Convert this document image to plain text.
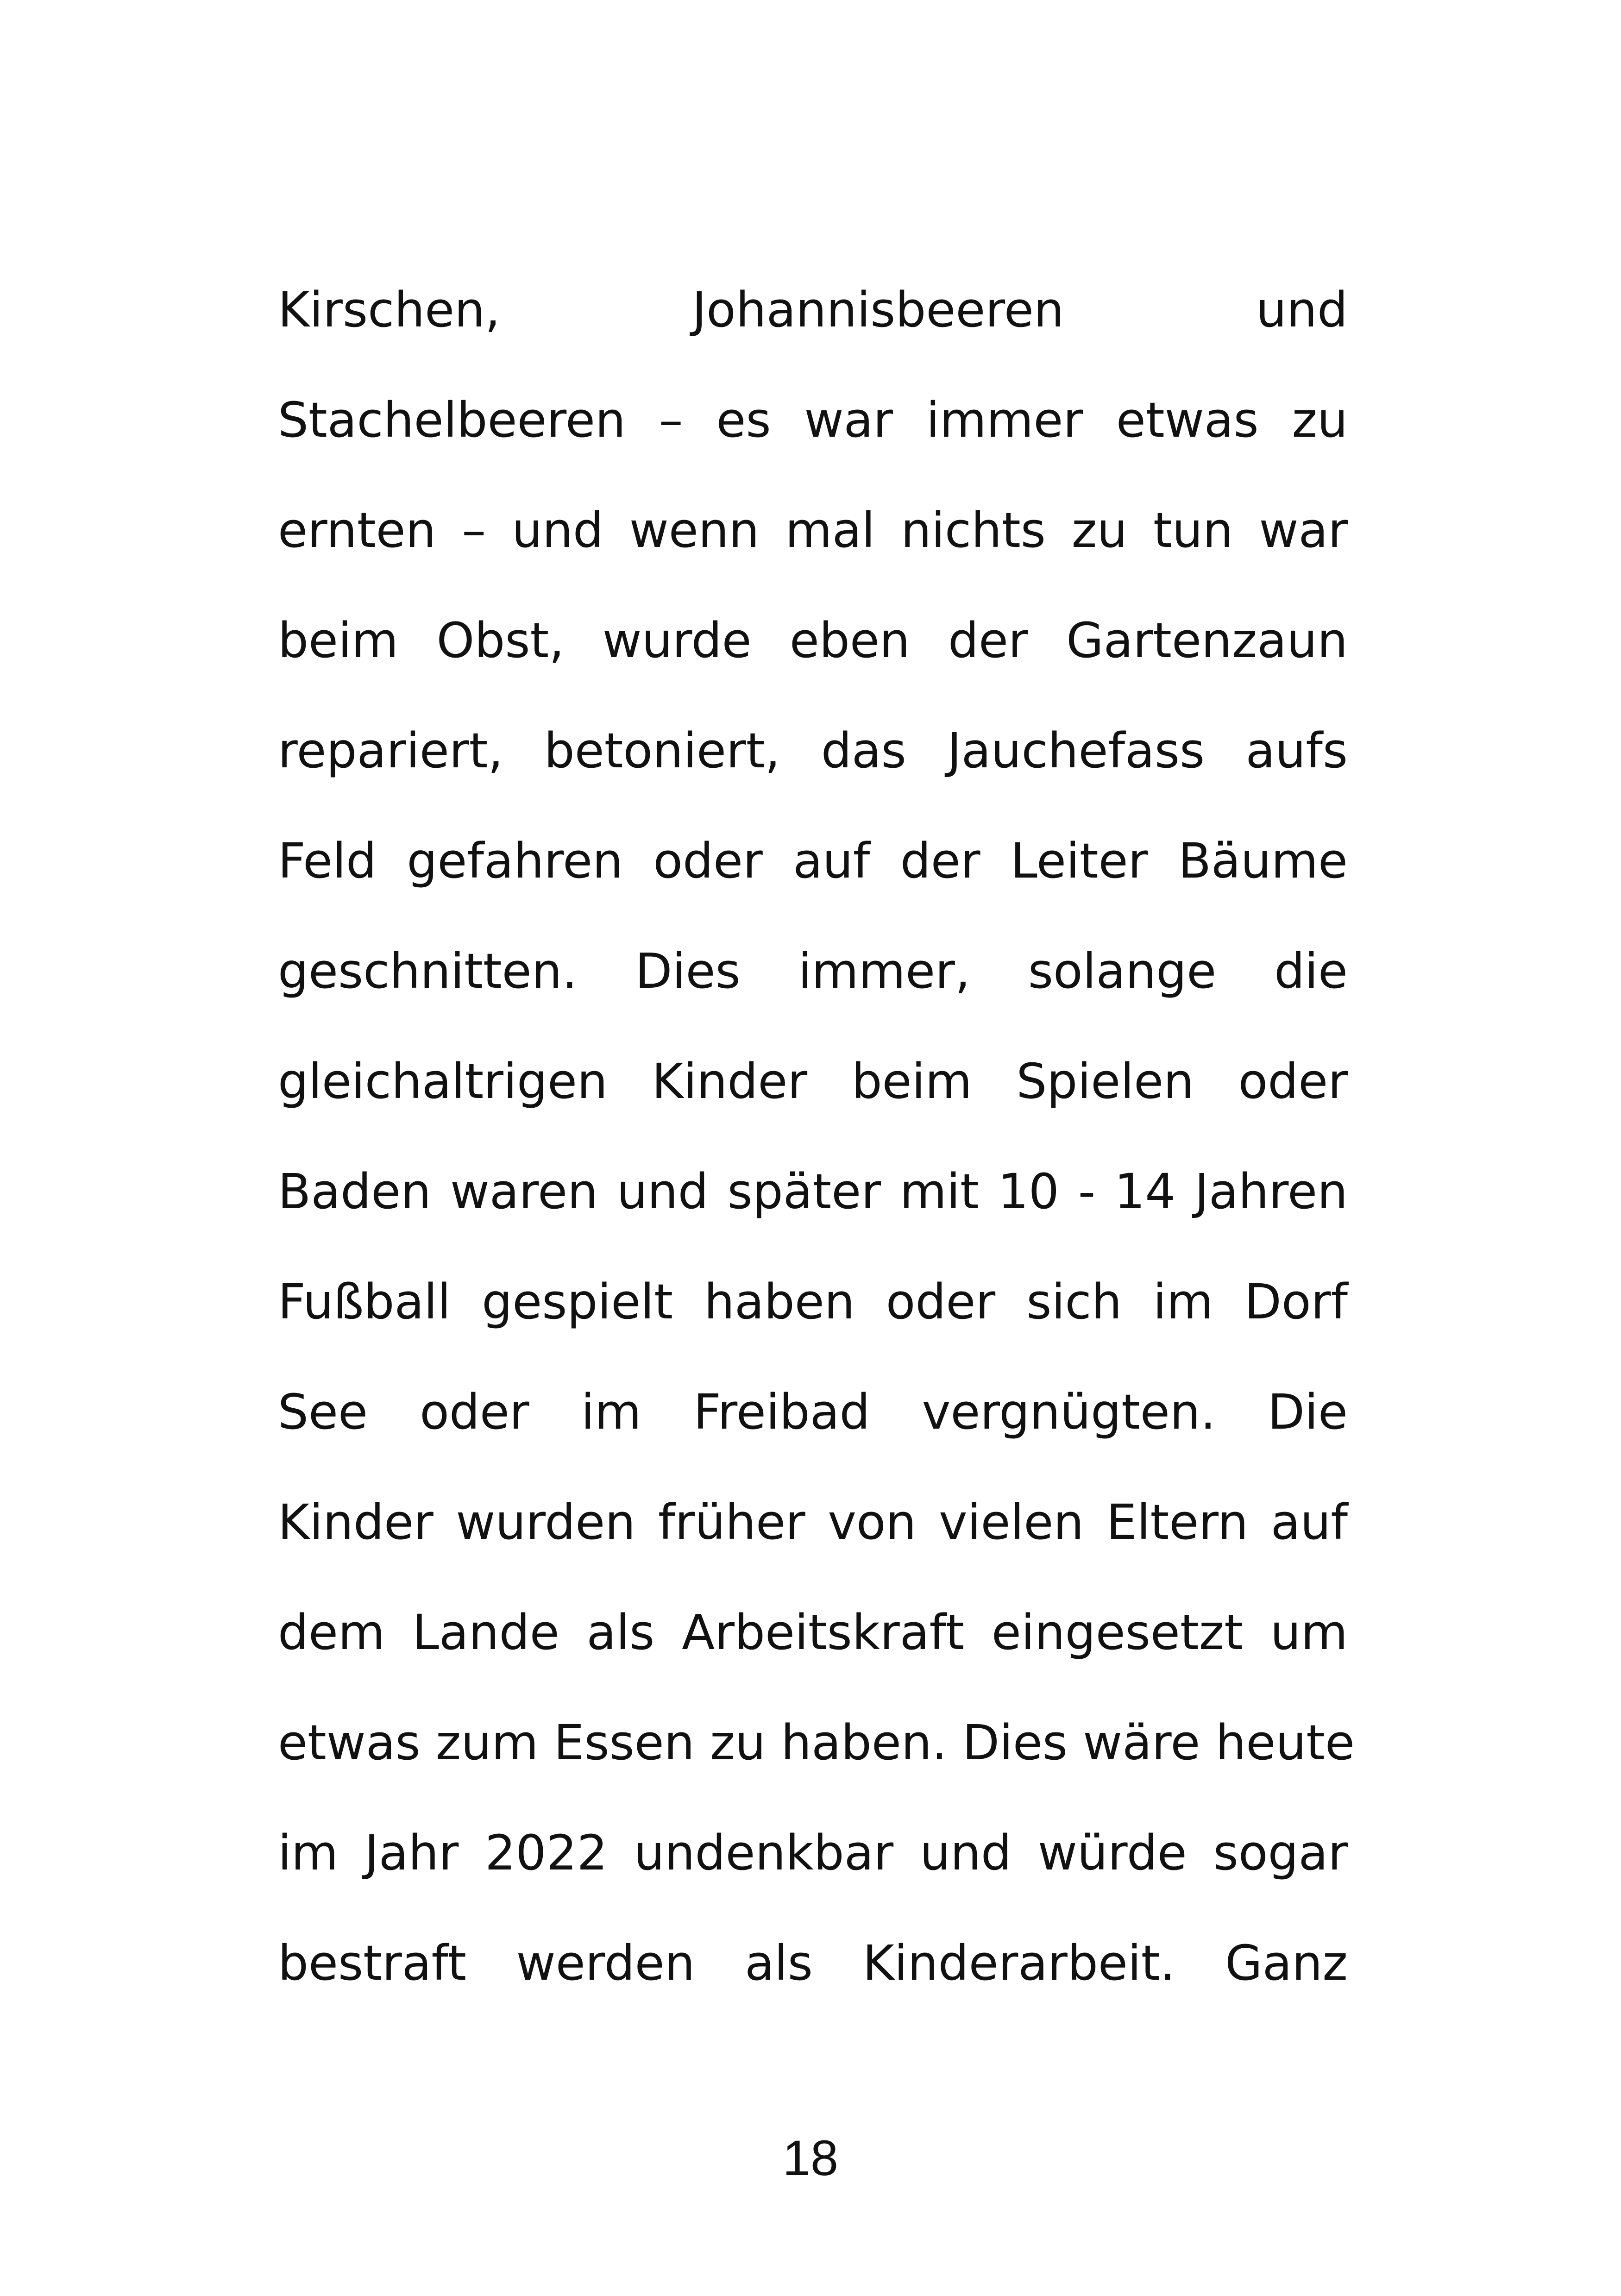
Kirschen, Johannisbeeren und
Stachelbeeren – es war immer etwas zu
ernten – und wenn mal nichts zu tun war
beim Obst, wurde eben der Gartenzaun
repariert, betoniert, das Jauchefass aufs
Feld gefahren oder auf der Leiter Bäume
geschnitten. Dies immer, solange die
gleichaltrigen Kinder beim Spielen oder
Baden waren und später mit 10 - 14 Jahren
Fußball gespielt haben oder sich im Dorf
See oder im Freibad vergnügten. Die
Kinder wurden früher von vielen Eltern auf
dem Lande als Arbeitskraft eingesetzt um
etwas zum Essen zu haben. Dies wäre heute
im Jahr 2022 undenkbar und würde sogar
bestraft werden als Kinderarbeit. Ganz
18
